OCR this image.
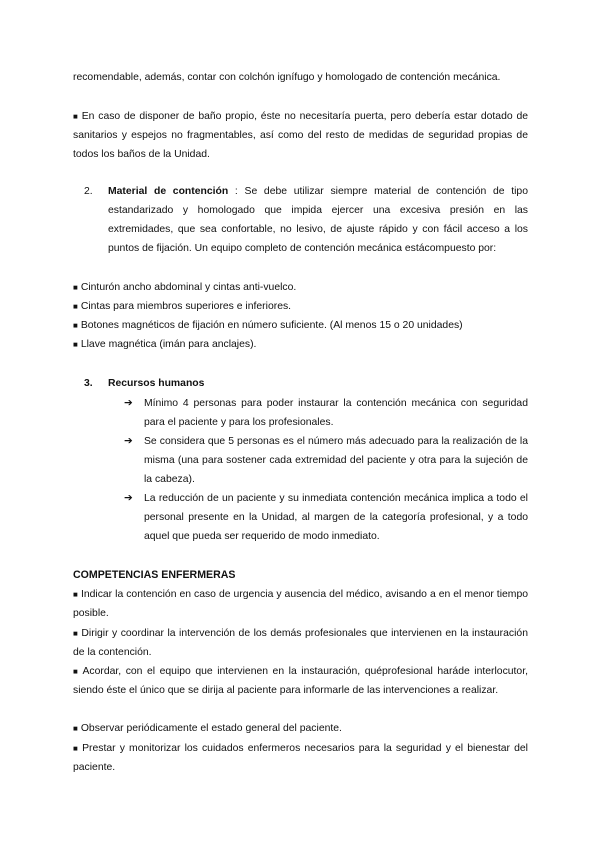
recomendable, además, contar con colchón ignífugo y homologado de contención mecánica.

■ En caso de disponer de baño propio, éste no necesitaría puerta, pero debería estar dotado de sanitarios y espejos no fragmentables, así como del resto de medidas de seguridad propias de todos los baños de la Unidad.

2. Material de contención : Se debe utilizar siempre material de contención de tipo estandarizado y homologado que impida ejercer una excesiva presión en las extremidades, que sea confortable, no lesivo, de ajuste rápido y con fácil acceso a los puntos de fijación. Un equipo completo de contención mecánica estácompuesto por:

■ Cinturón ancho abdominal y cintas anti-vuelco.

■ Cintas para miembros superiores e inferiores.

■ Botones magnéticos de fijación en número suficiente. (Al menos 15 o 20 unidades)

■ Llave magnética (imán para anclajes).

3. Recursos humanos
➔ Mínimo 4 personas para poder instaurar la contención mecánica con seguridad para el paciente y para los profesionales.
➔ Se considera que 5 personas es el número más adecuado para la realización de la misma (una para sostener cada extremidad del paciente y otra para la sujeción de la cabeza).
➔ La reducción de un paciente y su inmediata contención mecánica implica a todo el personal presente en la Unidad, al margen de la categoría profesional, y a todo aquel que pueda ser requerido de modo inmediato.
COMPETENCIAS ENFERMERAS

■ Indicar la contención en caso de urgencia y ausencia del médico, avisando a en el menor tiempo posible.

■ Dirigir y coordinar la intervención de los demás profesionales que intervienen en la instauración de la contención.

■ Acordar, con el equipo que intervienen en la instauración, quéprofesional haráde interlocutor, siendo éste el único que se dirija al paciente para informarle de las intervenciones a realizar.

■ Observar periódicamente el estado general del paciente.

■ Prestar y monitorizar los cuidados enfermeros necesarios para la seguridad y el bienestar del paciente.
